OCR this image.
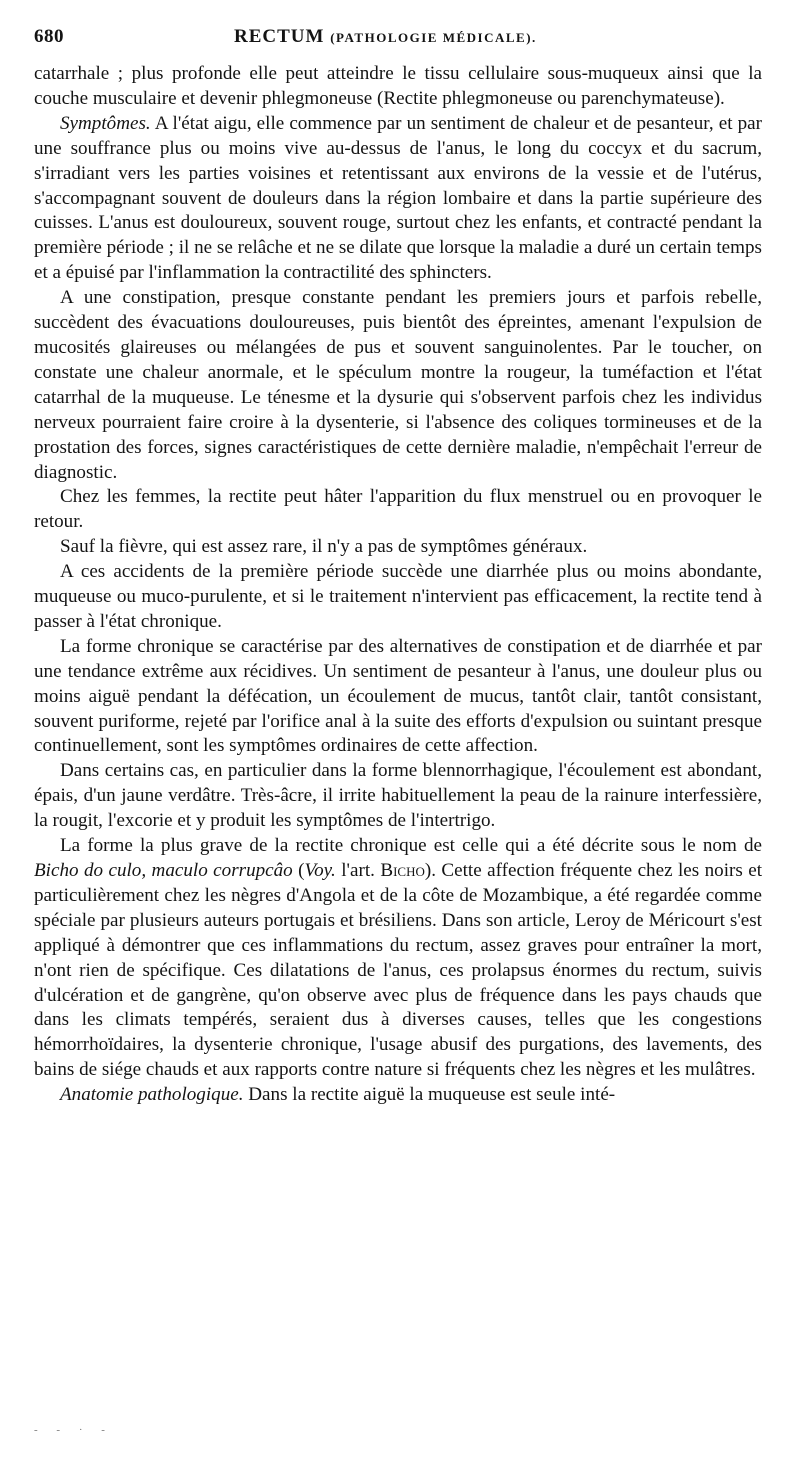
680	RECTUM (PATHOLOGIE MÉDICALE).

catarrhale ; plus profonde elle peut atteindre le tissu cellulaire sous-muqueux ainsi que la couche musculaire et devenir phlegmoneuse (Rectite phlegmoneuse ou parenchymateuse).

Symptômes. A l'état aigu, elle commence par un sentiment de chaleur et de pesanteur, et par une souffrance plus ou moins vive au-dessus de l'anus, le long du coccyx et du sacrum, s'irradiant vers les parties voisines et retentissant aux environs de la vessie et de l'utérus, s'accompagnant souvent de douleurs dans la région lombaire et dans la partie supérieure des cuisses. L'anus est douloureux, souvent rouge, surtout chez les enfants, et contracté pendant la première période ; il ne se relâche et ne se dilate que lorsque la maladie a duré un certain temps et a épuisé par l'inflammation la contractilité des sphincters.

A une constipation, presque constante pendant les premiers jours et parfois rebelle, succèdent des évacuations douloureuses, puis bientôt des épreintes, amenant l'expulsion de mucosités glaireuses ou mélangées de pus et souvent sanguinolentes. Par le toucher, on constate une chaleur anormale, et le spéculum montre la rougeur, la tuméfaction et l'état catarrhal de la muqueuse. Le ténesme et la dysurie qui s'observent parfois chez les individus nerveux pourraient faire croire à la dysenterie, si l'absence des coliques tormineuses et de la prostation des forces, signes caractéristiques de cette dernière maladie, n'empêchait l'erreur de diagnostic.

Chez les femmes, la rectite peut hâter l'apparition du flux menstruel ou en provoquer le retour.

Sauf la fièvre, qui est assez rare, il n'y a pas de symptômes généraux.

A ces accidents de la première période succède une diarrhée plus ou moins abondante, muqueuse ou muco-purulente, et si le traitement n'intervient pas efficacement, la rectite tend à passer à l'état chronique.

La forme chronique se caractérise par des alternatives de constipation et de diarrhée et par une tendance extrême aux récidives. Un sentiment de pesanteur à l'anus, une douleur plus ou moins aiguë pendant la défécation, un écoulement de mucus, tantôt clair, tantôt consistant, souvent puriforme, rejeté par l'orifice anal à la suite des efforts d'expulsion ou suintant presque continuellement, sont les symptômes ordinaires de cette affection.

Dans certains cas, en particulier dans la forme blennorrhagique, l'écoulement est abondant, épais, d'un jaune verdâtre. Très-âcre, il irrite habituellement la peau de la rainure interfessière, la rougit, l'excorie et y produit les symptômes de l'intertrigo.

La forme la plus grave de la rectite chronique est celle qui a été décrite sous le nom de Bicho do culo, maculo corrupcâo (Voy. l'art. Bicho). Cette affection fréquente chez les noirs et particulièrement chez les nègres d'Angola et de la côte de Mozambique, a été regardée comme spéciale par plusieurs auteurs portugais et brésiliens. Dans son article, Leroy de Méricourt s'est appliqué à démontrer que ces inflammations du rectum, assez graves pour entraîner la mort, n'ont rien de spécifique. Ces dilatations de l'anus, ces prolapsus énormes du rectum, suivis d'ulcération et de gangrène, qu'on observe avec plus de fréquence dans les pays chauds que dans les climats tempérés, seraient dus à diverses causes, telles que les congestions hémorrhoïdaires, la dysenterie chronique, l'usage abusif des purgations, des lavements, des bains de siége chauds et aux rapports contre nature si fréquents chez les nègres et les mulâtres.

Anatomie pathologique. Dans la rectite aiguë la muqueuse est seule inté-

- - · -
